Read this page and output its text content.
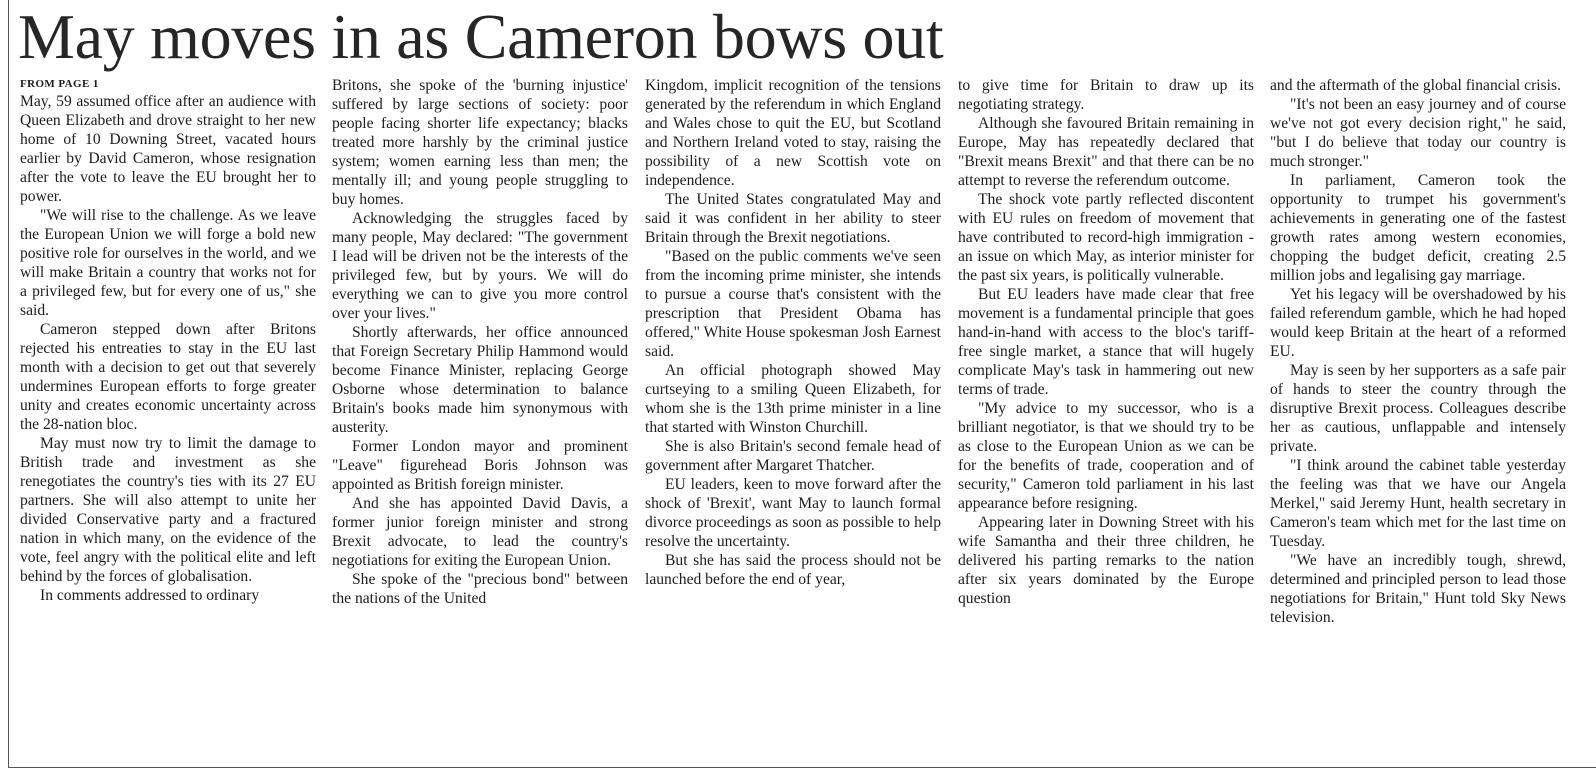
May moves in as Cameron bows out
FROM PAGE 1

May, 59 assumed office after an audience with Queen Elizabeth and drove straight to her new home of 10 Downing Street, vacated hours earlier by David Cameron, whose resignation after the vote to leave the EU brought her to power.

"We will rise to the challenge. As we leave the European Union we will forge a bold new positive role for ourselves in the world, and we will make Britain a country that works not for a privileged few, but for every one of us," she said.

Cameron stepped down after Britons rejected his entreaties to stay in the EU last month with a decision to get out that severely undermines European efforts to forge greater unity and creates economic uncertainty across the 28-nation bloc.

May must now try to limit the damage to British trade and investment as she renegotiates the country's ties with its 27 EU partners. She will also attempt to unite her divided Conservative party and a fractured nation in which many, on the evidence of the vote, feel angry with the political elite and left behind by the forces of globalisation.

In comments addressed to ordinary

Britons, she spoke of the 'burning injustice' suffered by large sections of society: poor people facing shorter life expectancy; blacks treated more harshly by the criminal justice system; women earning less than men; the mentally ill; and young people struggling to buy homes.

Acknowledging the struggles faced by many people, May declared: "The government I lead will be driven not be the interests of the privileged few, but by yours. We will do everything we can to give you more control over your lives."

Shortly afterwards, her office announced that Foreign Secretary Philip Hammond would become Finance Minister, replacing George Osborne whose determination to balance Britain's books made him synonymous with austerity.

Former London mayor and prominent "Leave" figurehead Boris Johnson was appointed as British foreign minister.

And she has appointed David Davis, a former junior foreign minister and strong Brexit advocate, to lead the country's negotiations for exiting the European Union.

She spoke of the "precious bond" between the nations of the United

Kingdom, implicit recognition of the tensions generated by the referendum in which England and Wales chose to quit the EU, but Scotland and Northern Ireland voted to stay, raising the possibility of a new Scottish vote on independence.

The United States congratulated May and said it was confident in her ability to steer Britain through the Brexit negotiations.

"Based on the public comments we've seen from the incoming prime minister, she intends to pursue a course that's consistent with the prescription that President Obama has offered," White House spokesman Josh Earnest said.

An official photograph showed May curtseying to a smiling Queen Elizabeth, for whom she is the 13th prime minister in a line that started with Winston Churchill.

She is also Britain's second female head of government after Margaret Thatcher.

EU leaders, keen to move forward after the shock of 'Brexit', want May to launch formal divorce proceedings as soon as possible to help resolve the uncertainty.

But she has said the process should not be launched before the end of year,

to give time for Britain to draw up its negotiating strategy.

Although she favoured Britain remaining in Europe, May has repeatedly declared that "Brexit means Brexit" and that there can be no attempt to reverse the referendum outcome.

The shock vote partly reflected discontent with EU rules on freedom of movement that have contributed to record-high immigration - an issue on which May, as interior minister for the past six years, is politically vulnerable.

But EU leaders have made clear that free movement is a fundamental principle that goes hand-in-hand with access to the bloc's tariff-free single market, a stance that will hugely complicate May's task in hammering out new terms of trade.

"My advice to my successor, who is a brilliant negotiator, is that we should try to be as close to the European Union as we can be for the benefits of trade, cooperation and of security," Cameron told parliament in his last appearance before resigning.

Appearing later in Downing Street with his wife Samantha and their three children, he delivered his parting remarks to the nation after six years dominated by the Europe question

and the aftermath of the global financial crisis.

"It's not been an easy journey and of course we've not got every decision right," he said, "but I do believe that today our country is much stronger."

In parliament, Cameron took the opportunity to trumpet his government's achievements in generating one of the fastest growth rates among western economies, chopping the budget deficit, creating 2.5 million jobs and legalising gay marriage.

Yet his legacy will be overshadowed by his failed referendum gamble, which he had hoped would keep Britain at the heart of a reformed EU.

May is seen by her supporters as a safe pair of hands to steer the country through the disruptive Brexit process. Colleagues describe her as cautious, unflappable and intensely private.

"I think around the cabinet table yesterday the feeling was that we have our Angela Merkel," said Jeremy Hunt, health secretary in Cameron's team which met for the last time on Tuesday.

"We have an incredibly tough, shrewd, determined and principled person to lead those negotiations for Britain," Hunt told Sky News television.
